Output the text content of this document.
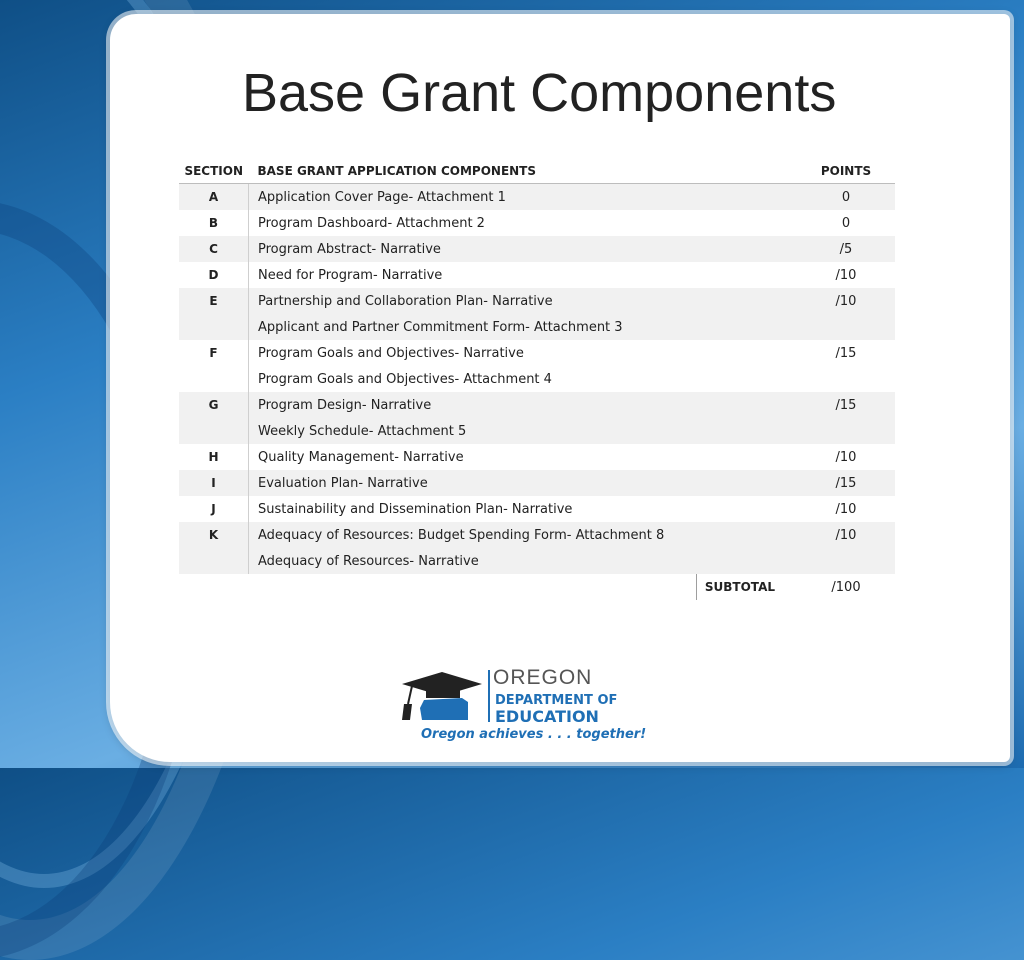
Base Grant Components
SECTION	BASE GRANT APPLICATION COMPONENTS	POINTS
A	Application Cover Page- Attachment 1	0
B	Program Dashboard- Attachment 2	0
C	Program Abstract- Narrative	/5
D	Need for Program- Narrative	/10
E	Partnership and Collaboration Plan- Narrative	/10
	Applicant and Partner Commitment Form- Attachment 3	
F	Program Goals and Objectives- Narrative	/15
	Program Goals and Objectives- Attachment 4	
G	Program Design- Narrative	/15
	Weekly Schedule- Attachment 5	
H	Quality Management- Narrative	/10
I	Evaluation Plan- Narrative	/15
J	Sustainability and Dissemination Plan- Narrative	/10
K	Adequacy of Resources: Budget Spending Form- Attachment 8	/10
	Adequacy of Resources- Narrative	
	SUBTOTAL	/100
OREGON
DEPARTMENT OF
EDUCATION
Oregon achieves . . . together!
